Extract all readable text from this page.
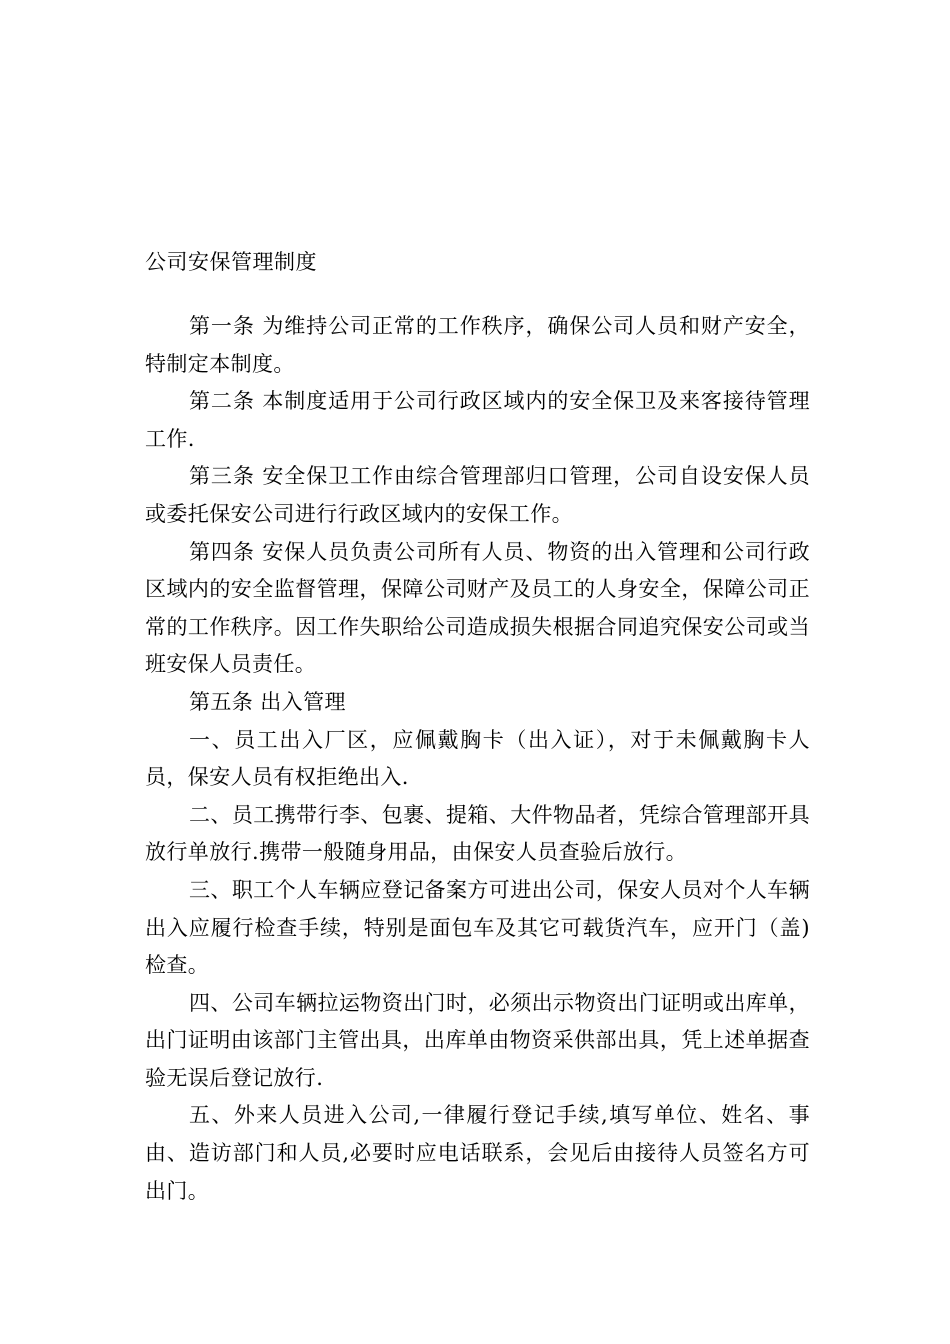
公司安保管理制度

第一条 为维持公司正常的工作秩序，确保公司人员和财产安全，特制定本制度。

第二条 本制度适用于公司行政区域内的安全保卫及来客接待管理工作.

第三条 安全保卫工作由综合管理部归口管理，公司自设安保人员或委托保安公司进行行政区域内的安保工作。

第四条 安保人员负责公司所有人员、物资的出入管理和公司行政区域内的安全监督管理，保障公司财产及员工的人身安全，保障公司正常的工作秩序。因工作失职给公司造成损失根据合同追究保安公司或当班安保人员责任。

第五条 出入管理

一、员工出入厂区，应佩戴胸卡（出入证），对于未佩戴胸卡人员，保安人员有权拒绝出入.

二、员工携带行李、包裹、提箱、大件物品者，凭综合管理部开具放行单放行.携带一般随身用品，由保安人员查验后放行。

三、职工个人车辆应登记备案方可进出公司，保安人员对个人车辆出入应履行检查手续，特别是面包车及其它可载货汽车，应开门（盖)检查。

四、公司车辆拉运物资出门时，必须出示物资出门证明或出库单，出门证明由该部门主管出具，出库单由物资采供部出具，凭上述单据查验无误后登记放行.

五、外来人员进入公司,一律履行登记手续,填写单位、姓名、事由、造访部门和人员,必要时应电话联系，会见后由接待人员签名方可出门。
